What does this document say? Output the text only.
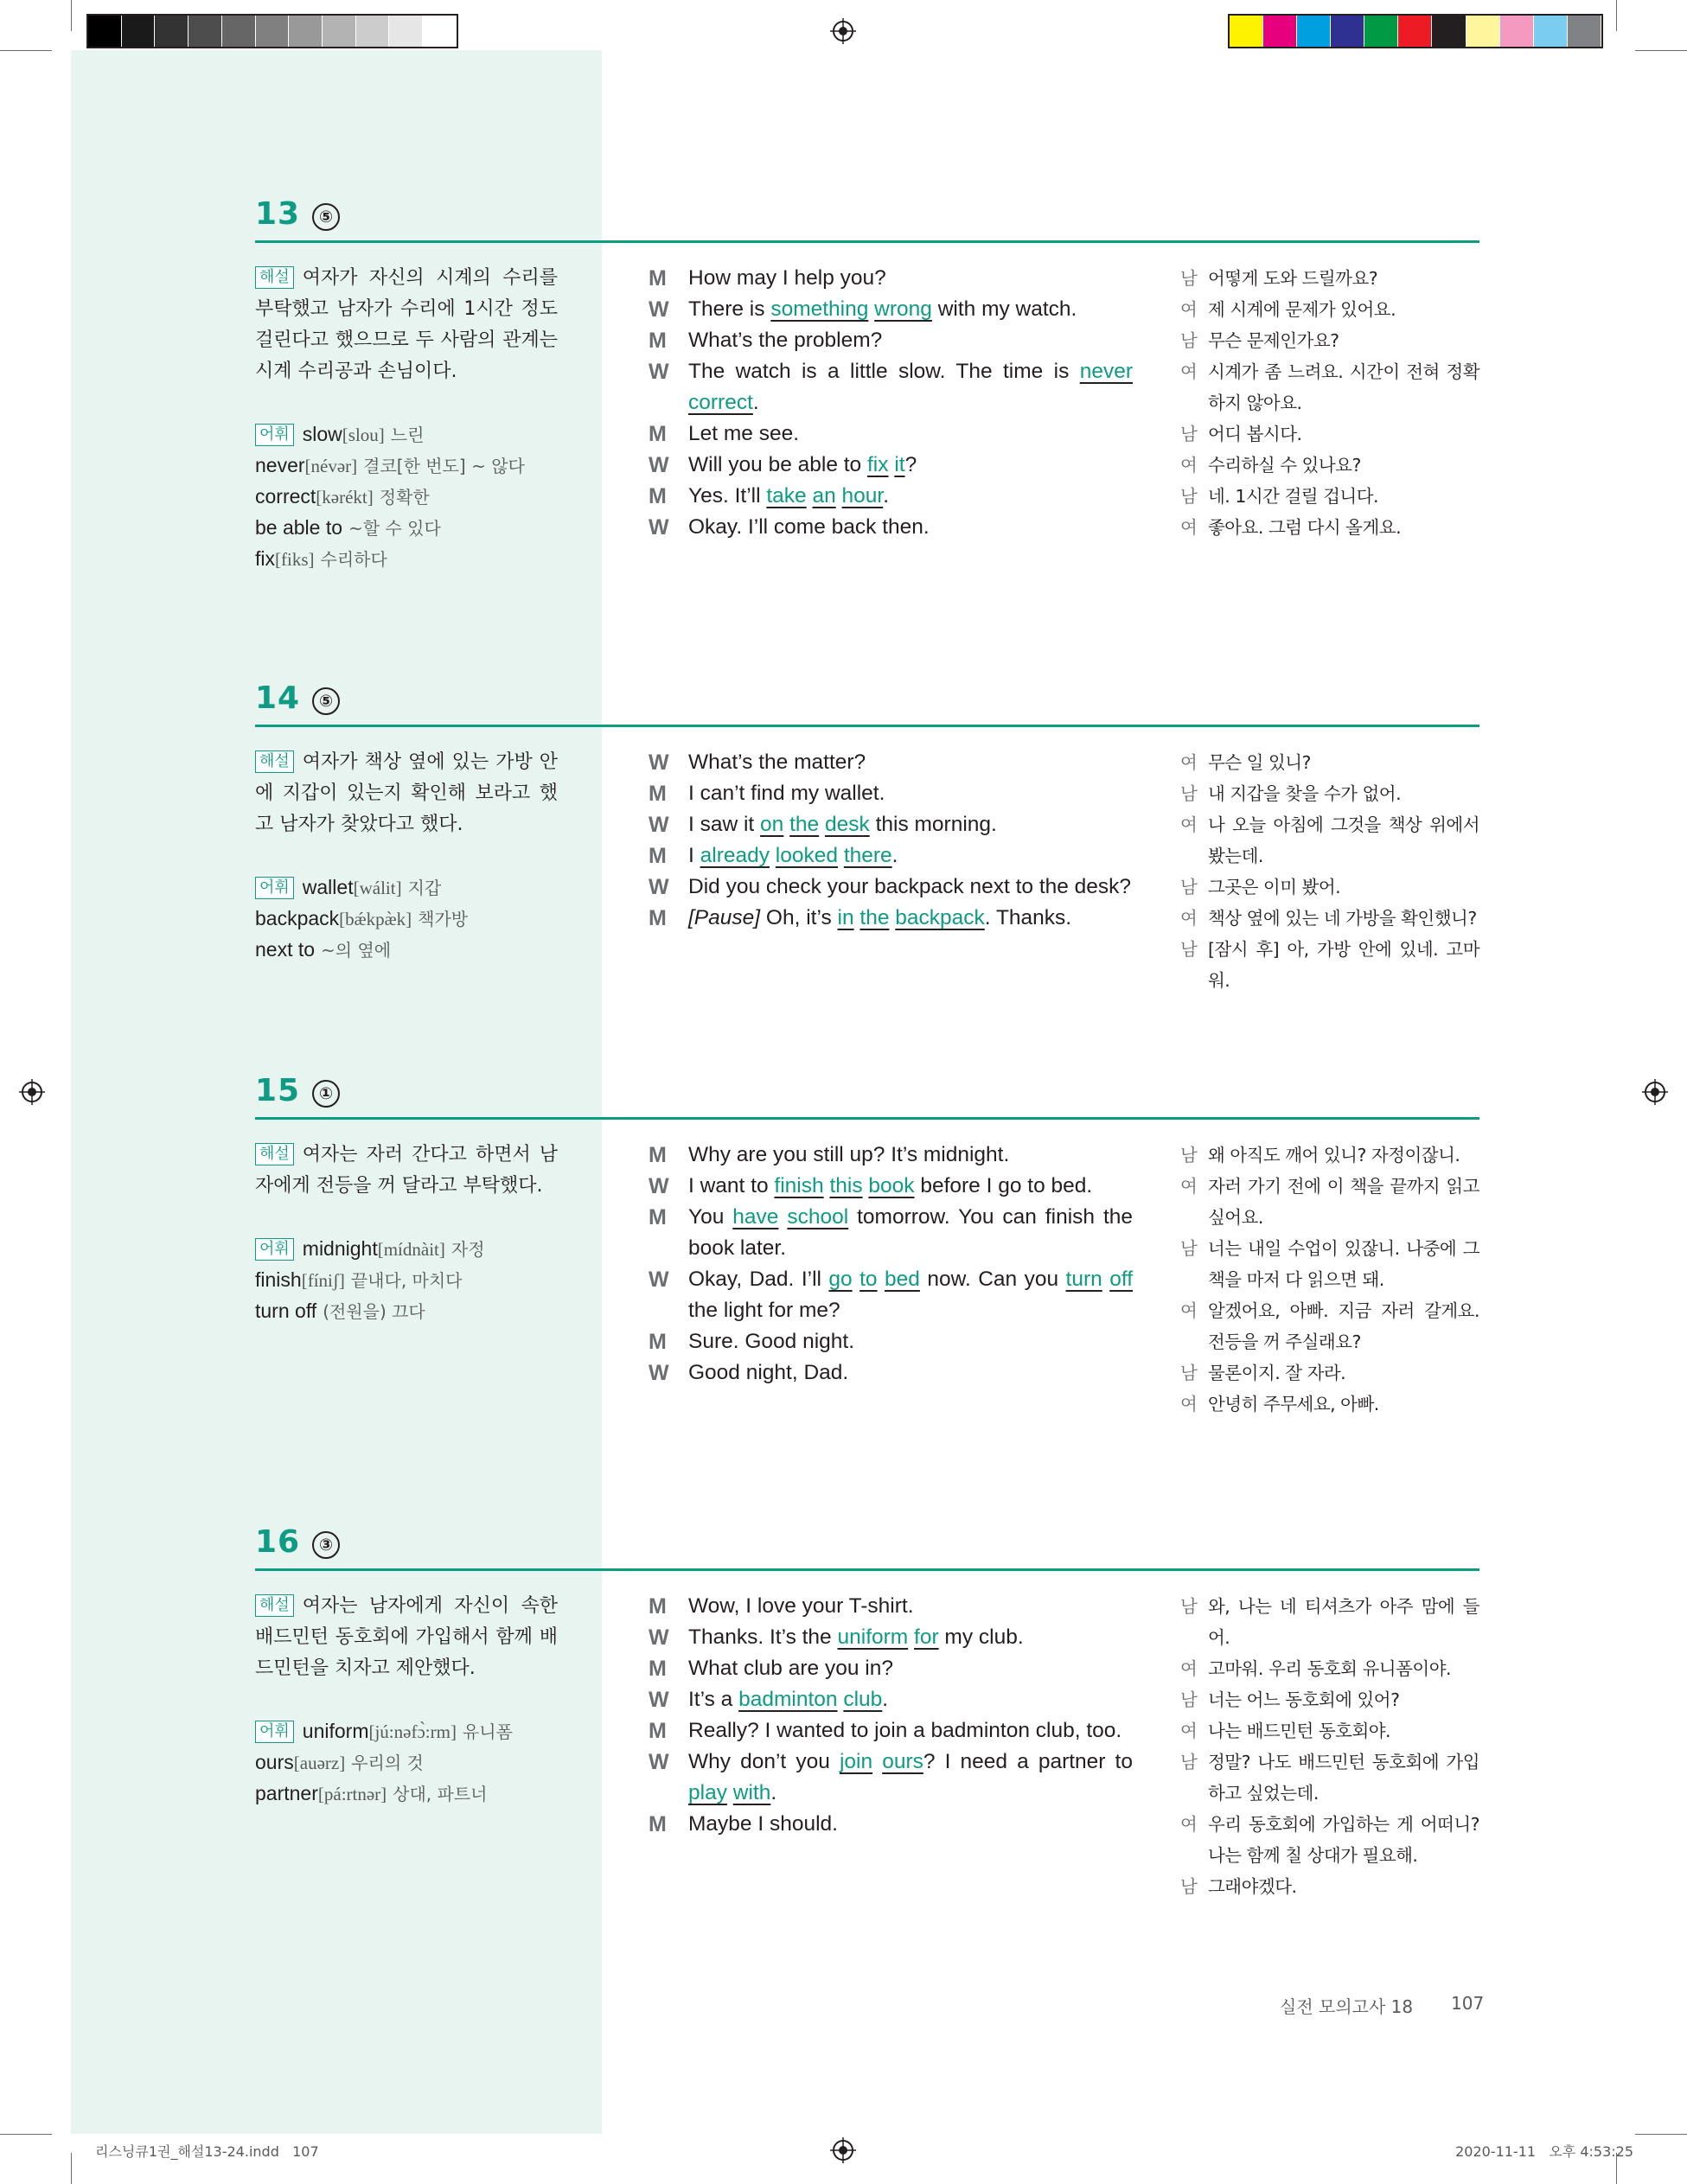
13	⑤
해설 여자가 자신의 시계의 수리를 부탁했고 남자가 수리에 1시간 정도 걸린다고 했으므로 두 사람의 관계는 시계 수리공과 손님이다.
어휘 slow[slou] 느린
never[névər] 결코[한 번도] ~ 않다
correct[kərékt] 정확한
be able to ~할 수 있다
fix[fiks] 수리하다
M	How may I help you?
W There is something wrong with my watch.
M	What’s the problem?
W The watch is a little slow. The time is never correct.
M	Let me see.
W Will you be able to fix it?
M	Yes. It’ll take an hour.
W Okay. I’ll come back then.
남 어떻게 도와 드릴까요?
여 제 시계에 문제가 있어요.
남 무슨 문제인가요?
여 시계가 좀 느려요. 시간이 전혀 정확하지 않아요.
남 어디 봅시다.
여 수리하실 수 있나요?
남 네. 1시간 걸릴 겁니다.
여 좋아요. 그럼 다시 올게요.
14	⑤
해설 여자가 책상 옆에 있는 가방 안에 지갑이 있는지 확인해 보라고 했고 남자가 찾았다고 했다.
어휘 wallet[wálit] 지갑
backpack[bǽkpæ̀k] 책가방
next to ~의 옆에
W What’s the matter?
M	I can’t find my wallet.
W I saw it on the desk this morning.
M	I already looked there.
W Did you check your backpack next to the desk?
M	[Pause] Oh, it’s in the backpack. Thanks.
여 무슨 일 있니?
남 내 지갑을 찾을 수가 없어.
여 나 오늘 아침에 그것을 책상 위에서 봤는데.
남 그곳은 이미 봤어.
여 책상 옆에 있는 네 가방을 확인했니?
남 [잠시 후] 아, 가방 안에 있네. 고마워.
15	①
해설 여자는 자러 간다고 하면서 남자에게 전등을 꺼 달라고 부탁했다.
어휘 midnight[mídnàit] 자정
finish[fíniʃ] 끝내다, 마치다
turn off (전원을) 끄다
M	Why are you still up? It’s midnight.
W I want to finish this book before I go to bed.
M	You have school tomorrow. You can finish the book later.
W Okay, Dad. I’ll go to bed now. Can you turn off the light for me?
M	Sure. Good night.
W Good night, Dad.
남 왜 아직도 깨어 있니? 자정이잖니.
여 자러 가기 전에 이 책을 끝까지 읽고 싶어요.
남 너는 내일 수업이 있잖니. 나중에 그 책을 마저 다 읽으면 돼.
여 알겠어요, 아빠. 지금 자러 갈게요. 전등을 꺼 주실래요?
남 물론이지. 잘 자라.
여 안녕히 주무세요, 아빠.
16	③
해설 여자는 남자에게 자신이 속한 배드민턴 동호회에 가입해서 함께 배드민턴을 치자고 제안했다.
어휘 uniform[jú:nəfɔ̀:rm] 유니폼
ours[auərz] 우리의 것
partner[pá:rtnər] 상대, 파트너
M	Wow, I love your T-shirt.
W Thanks. It’s the uniform for my club.
M	What club are you in?
W It’s a badminton club.
M	Really? I wanted to join a badminton club, too.
W Why don’t you join ours? I need a partner to play with.
M	Maybe I should.
남 와, 나는 네 티셔츠가 아주 맘에 들어.
여 고마워. 우리 동호회 유니폼이야.
남 너는 어느 동호회에 있어?
여 나는 배드민턴 동호회야.
남 정말? 나도 배드민턴 동호회에 가입하고 싶었는데.
여 우리 동호회에 가입하는 게 어떠니? 나는 함께 칠 상대가 필요해.
남 그래야겠다.
실전 모의고사 18 107
리스닝큐1권_해설13-24.indd   107	2020-11-11   오후 4:53:25
